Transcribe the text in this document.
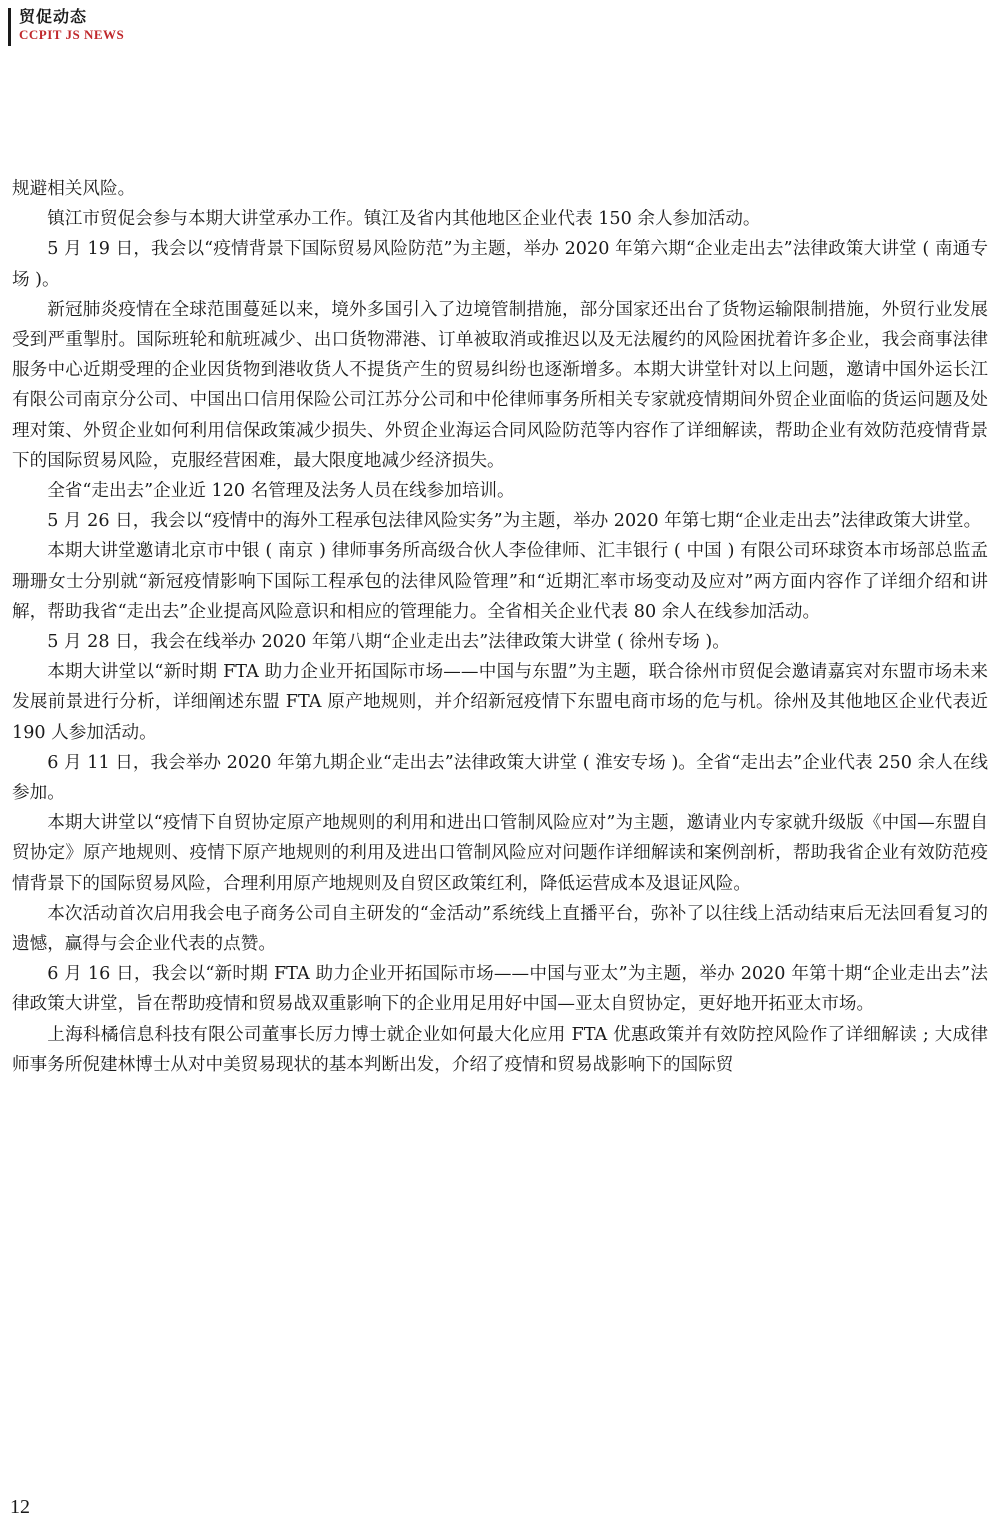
贸促动态
CCPIT JS NEWS

规避相关风险。

镇江市贸促会参与本期大讲堂承办工作。镇江及省内其他地区企业代表 150 余人参加活动。

5 月 19 日，我会以“疫情背景下国际贸易风险防范”为主题，举办 2020 年第六期“企业走出去”法律政策大讲堂 ( 南通专场 )。

新冠肺炎疫情在全球范围蔓延以来，境外多国引入了边境管制措施，部分国家还出台了货物运输限制措施，外贸行业发展受到严重掣肘。国际班轮和航班减少、出口货物滞港、订单被取消或推迟以及无法履约的风险困扰着许多企业，我会商事法律服务中心近期受理的企业因货物到港收货人不提货产生的贸易纠纷也逐渐增多。本期大讲堂针对以上问题，邀请中国外运长江有限公司南京分公司、中国出口信用保险公司江苏分公司和中伦律师事务所相关专家就疫情期间外贸企业面临的货运问题及处理对策、外贸企业如何利用信保政策减少损失、外贸企业海运合同风险防范等内容作了详细解读，帮助企业有效防范疫情背景下的国际贸易风险，克服经营困难，最大限度地减少经济损失。

全省“走出去”企业近 120 名管理及法务人员在线参加培训。

5 月 26 日，我会以“疫情中的海外工程承包法律风险实务”为主题，举办 2020 年第七期“企业走出去”法律政策大讲堂。

本期大讲堂邀请北京市中银 ( 南京 ) 律师事务所高级合伙人李俭律师、汇丰银行 ( 中国 ) 有限公司环球资本市场部总监孟珊珊女士分别就“新冠疫情影响下国际工程承包的法律风险管理”和“近期汇率市场变动及应对”两方面内容作了详细介绍和讲解，帮助我省“走出去”企业提高风险意识和相应的管理能力。全省相关企业代表 80 余人在线参加活动。

5 月 28 日，我会在线举办 2020 年第八期“企业走出去”法律政策大讲堂 ( 徐州专场 )。

本期大讲堂以“新时期 FTA 助力企业开拓国际市场——中国与东盟”为主题，联合徐州市贸促会邀请嘉宾对东盟市场未来发展前景进行分析，详细阐述东盟 FTA 原产地规则，并介绍新冠疫情下东盟电商市场的危与机。徐州及其他地区企业代表近 190 人参加活动。

6 月 11 日，我会举办 2020 年第九期企业“走出去”法律政策大讲堂 ( 淮安专场 )。全省“走出去”企业代表 250 余人在线参加。

本期大讲堂以“疫情下自贸协定原产地规则的利用和进出口管制风险应对”为主题，邀请业内专家就升级版《中国—东盟自贸协定》原产地规则、疫情下原产地规则的利用及进出口管制风险应对问题作详细解读和案例剖析，帮助我省企业有效防范疫情背景下的国际贸易风险，合理利用原产地规则及自贸区政策红利，降低运营成本及退证风险。

本次活动首次启用我会电子商务公司自主研发的“金活动”系统线上直播平台，弥补了以往线上活动结束后无法回看复习的遗憾，赢得与会企业代表的点赞。

6 月 16 日，我会以“新时期 FTA 助力企业开拓国际市场——中国与亚太”为主题，举办 2020 年第十期“企业走出去”法律政策大讲堂，旨在帮助疫情和贸易战双重影响下的企业用足用好中国—亚太自贸协定，更好地开拓亚太市场。

上海科橘信息科技有限公司董事长厉力博士就企业如何最大化应用 FTA 优惠政策并有效防控风险作了详细解读 ; 大成律师事务所倪建林博士从对中美贸易现状的基本判断出发，介绍了疫情和贸易战影响下的国际贸

12
